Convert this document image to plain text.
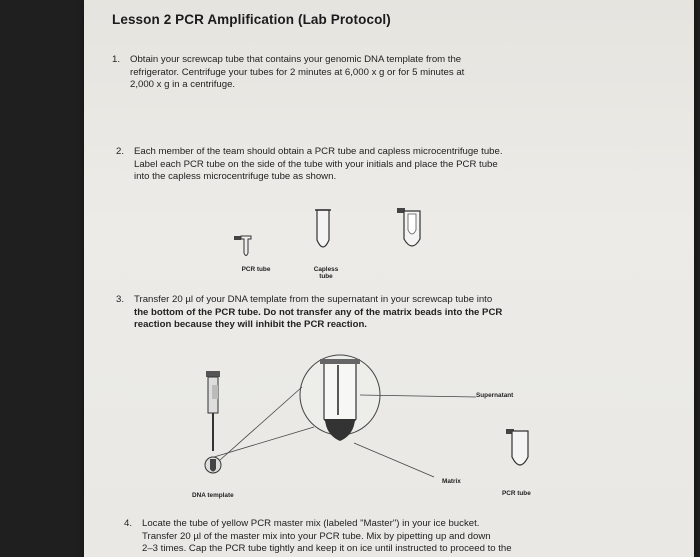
Lesson 2 PCR Amplification (Lab Protocol)
1. Obtain your screwcap tube that contains your genomic DNA template from the
refrigerator. Centrifuge your tubes for 2 minutes at 6,000 x g or for 5 minutes at
2,000 x g in a centrifuge.
2. Each member of the team should obtain a PCR tube and capless microcentrifuge tube.
Label each PCR tube on the side of the tube with your initials and place the PCR tube
into the capless microcentrifuge tube as shown.
PCR tube	Capless
tube
3. Transfer 20 µl of your DNA template from the supernatant in your screwcap tube into
the bottom of the PCR tube. Do not transfer any of the matrix beads into the PCR
reaction because they will inhibit the PCR reaction.
Supernatant
Matrix
DNA template	PCR tube
4. Locate the tube of yellow PCR master mix (labeled "Master") in your ice bucket.
Transfer 20 µl of the master mix into your PCR tube. Mix by pipetting up and down
2–3 times. Cap the PCR tube tightly and keep it on ice until instructed to proceed to the
